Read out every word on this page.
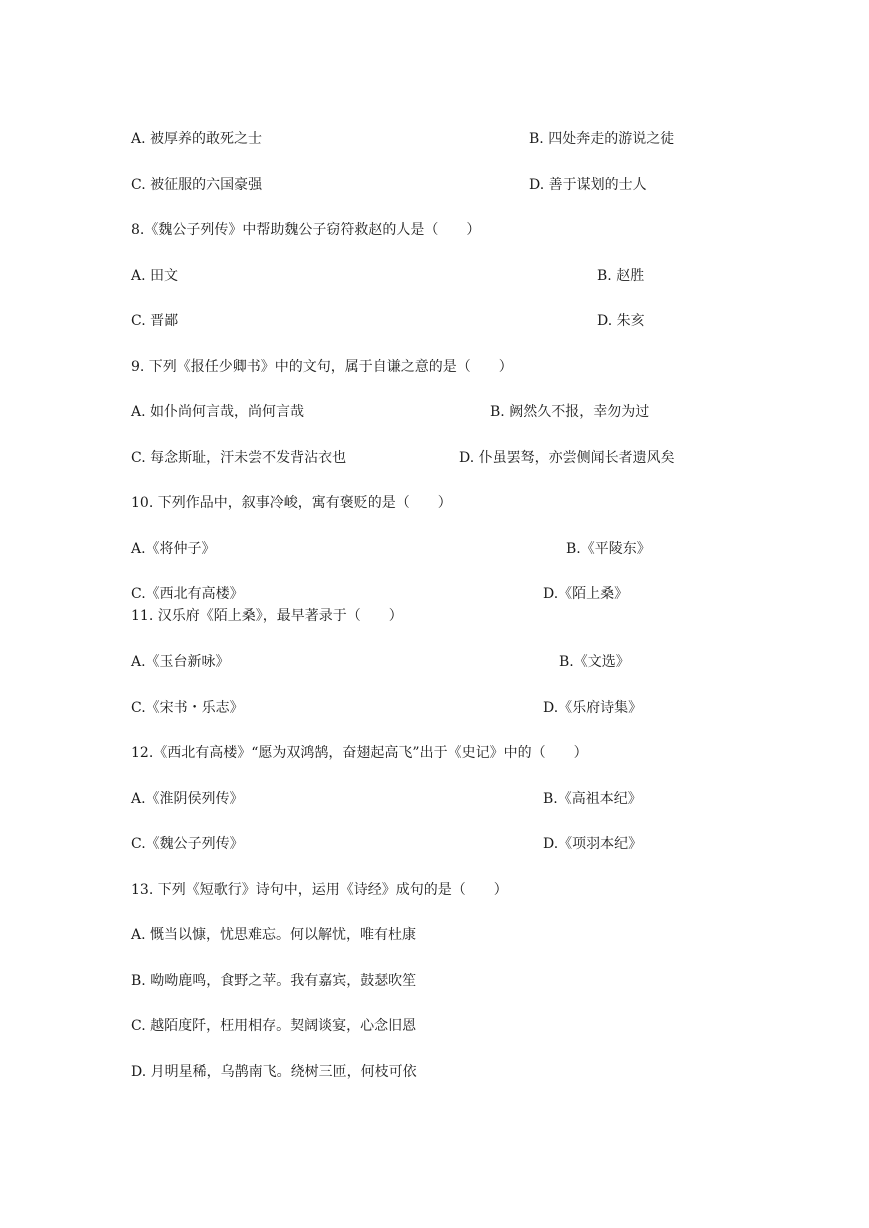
A. 被厚养的敢死之士	B. 四处奔走的游说之徒
C. 被征服的六国豪强	D. 善于谋划的士人
8.《魏公子列传》中帮助魏公子窃符救赵的人是（　　）
A. 田文	B. 赵胜
C. 晋鄙	D. 朱亥
9. 下列《报任少卿书》中的文句，属于自谦之意的是（　　）
A. 如仆尚何言哉，尚何言哉	B. 阙然久不报，幸勿为过
C. 每念斯耻，汗未尝不发背沾衣也	D. 仆虽罢驽，亦尝侧闻长者遗风矣
10. 下列作品中，叙事冷峻，寓有褒贬的是（　　）
A.《将仲子》	B.《平陵东》
C.《西北有高楼》	D.《陌上桑》
11. 汉乐府《陌上桑》，最早著录于（　　）
A.《玉台新咏》	B.《文选》
C.《宋书・乐志》	D.《乐府诗集》
12.《西北有高楼》“愿为双鸿鹄，奋翅起高飞”出于《史记》中的（　　）
A.《淮阴侯列传》	B.《高祖本纪》
C.《魏公子列传》	D.《项羽本纪》
13. 下列《短歌行》诗句中，运用《诗经》成句的是（　　）
A. 慨当以慷，忧思难忘。何以解忧，唯有杜康
B. 呦呦鹿鸣，食野之苹。我有嘉宾，鼓瑟吹笙
C. 越陌度阡，枉用相存。契阔谈宴，心念旧恩
D. 月明星稀，乌鹊南飞。绕树三匝，何枝可依
